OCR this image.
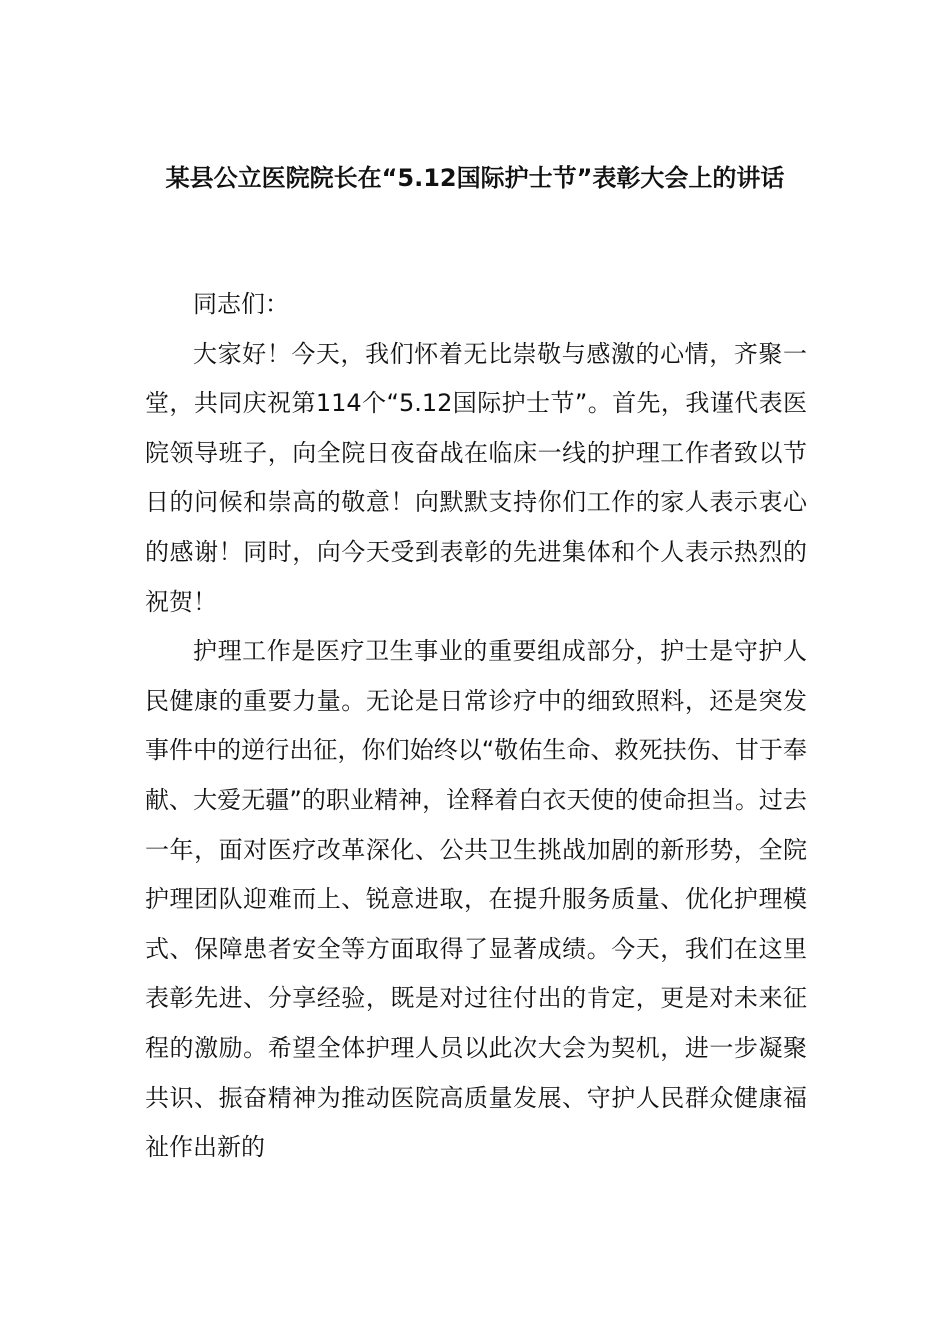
某县公立医院院长在“5.12国际护士节”表彰大会上的讲话

同志们：

大家好！今天，我们怀着无比崇敬与感激的心情，齐聚一堂，共同庆祝第114个“5.12国际护士节”。首先，我谨代表医院领导班子，向全院日夜奋战在临床一线的护理工作者致以节日的问候和崇高的敬意！向默默支持你们工作的家人表示衷心的感谢！同时，向今天受到表彰的先进集体和个人表示热烈的祝贺！

护理工作是医疗卫生事业的重要组成部分，护士是守护人民健康的重要力量。无论是日常诊疗中的细致照料，还是突发事件中的逆行出征，你们始终以“敬佑生命、救死扶伤、甘于奉献、大爱无疆”的职业精神，诠释着白衣天使的使命担当。过去一年，面对医疗改革深化、公共卫生挑战加剧的新形势，全院护理团队迎难而上、锐意进取，在提升服务质量、优化护理模式、保障患者安全等方面取得了显著成绩。今天，我们在这里表彰先进、分享经验，既是对过往付出的肯定，更是对未来征程的激励。希望全体护理人员以此次大会为契机，进一步凝聚共识、振奋精神为推动医院高质量发展、守护人民群众健康福祉作出新的
